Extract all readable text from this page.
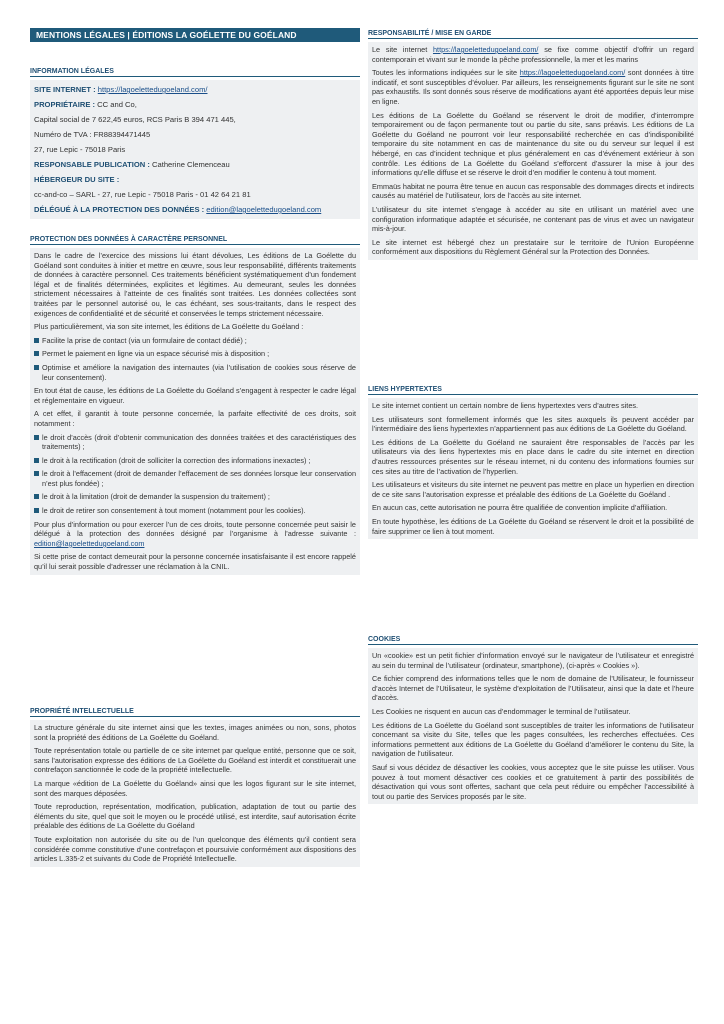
MENTIONS LÉGALES | ÉDITIONS LA GOÉLETTE DU GOÉLAND
INFORMATION LÉGALES
SITE INTERNET : https://lagoelettedugoeland.com/
PROPRIÉTAIRE : CC and Co,
Capital social de 7 622,45 euros, RCS Paris B 394 471 445,
Numéro de TVA : FR88394471445
27, rue Lepic - 75018 Paris
RESPONSABLE PUBLICATION : Catherine Clemenceau
HÉBERGEUR DU SITE :
cc-and-co – SARL - 27, rue Lepic - 75018 Paris - 01 42 64 21 81
DÉLÉGUÉ À LA PROTECTION DES DONNÉES : edition@lagoelettedugoeland.com
PROTECTION DES DONNÉES À CARACTÈRE PERSONNEL

Dans le cadre de l’exercice des missions lui étant dévolues, Les éditions de La Goélette du Goéland sont conduites à initier et mettre en œuvre, sous leur responsabilité, différents traitements de données à caractère personnel. Ces traitements bénéficient systématiquement d’un fondement légal et de finalités déterminées, explicites et légitimes. Au demeurant, seules les données strictement nécessaires à l’atteinte de ces finalités sont traitées. Les données collectées sont traitées par le personnel autorisé ou, le cas échéant, ses sous-traitants, dans le respect des exigences de confidentialité et de sécurité et conservées le temps strictement nécessaire.

Plus particulièrement, via son site internet, les éditions de La Goélette du Goéland :

Facilite la prise de contact (via un formulaire de contact dédié) ;
Permet le paiement en ligne via un espace sécurisé mis à disposition ;
Optimise et améliore la navigation des internautes (via l’utilisation de cookies sous réserve de leur consentement).

En tout état de cause, les éditions de La Goélette du Goéland s’engagent à respecter le cadre légal et réglementaire en vigueur.

A cet effet, il garantit à toute personne concernée, la parfaite effectivité de ces droits, soit notamment :

le droit d’accès (droit d’obtenir communication des données traitées et des caractéristiques des traitements) ;
le droit à la rectification (droit de solliciter la correction des informations inexactes) ;
le droit à l’effacement (droit de demander l’effacement de ses données lorsque leur conservation n’est plus fondée) ;
le droit à la limitation (droit de demander la suspension du traitement) ;
le droit de retirer son consentement à tout moment (notamment pour les cookies).

Pour plus d’information ou pour exercer l’un de ces droits, toute personne concernée peut saisir le délégué à la protection des données désigné par l’organisme à l’adresse suivante : edition@lagoelettedugoeland.com

Si cette prise de contact demeurait pour la personne concernée insatisfaisante il est encore rappelé qu’il lui serait possible d’adresser une réclamation à la CNIL.

PROPRIÉTÉ INTELLECTUELLE

La structure générale du site internet ainsi que les textes, images animées ou non, sons, photos sont la propriété des éditions de La Goélette du Goéland.

Toute représentation totale ou partielle de ce site internet par quelque entité, personne que ce soit, sans l’autorisation expresse des éditions de La Goélette du Goéland est interdit et constituerait une contrefaçon sanctionnée le code de la propriété intellectuelle.

La marque «édition de La Goélette du Goéland» ainsi que les logos figurant sur le site internet, sont des marques déposées.

Toute reproduction, représentation, modification, publication, adaptation de tout ou partie des éléments du site, quel que soit le moyen ou le procédé utilisé, est interdite, sauf autorisation écrite préalable des éditions de La Goélette du Goéland

Toute exploitation non autorisée du site ou de l’un quelconque des éléments qu’il contient sera considérée comme constitutive d’une contrefaçon et poursuivie conformément aux dispositions des articles L.335-2 et suivants du Code de Propriété Intellectuelle.

RESPONSABILITÉ / MISE EN GARDE

Le site internet https://lagoelettedugoeland.com/ se fixe comme objectif d’offrir un regard contemporain et vivant sur le monde la pêche professionnelle, la mer et les marins

Toutes les informations indiquées sur le site https://lagoelettedugoeland.com/ sont données à titre indicatif, et sont susceptibles d’évoluer. Par ailleurs, les renseignements figurant sur le site ne sont pas exhaustifs. Ils sont donnés sous réserve de modifications ayant été apportées depuis leur mise en ligne.

Les éditions de La Goélette du Goéland se réservent le droit de modifier, d’interrompre temporairement ou de façon permanente tout ou partie du site, sans préavis. Les éditions de La Goélette du Goéland ne pourront voir leur responsabilité recherchée en cas d’indisponibilité temporaire du site notamment en cas de maintenance du site ou du serveur sur lequel il est hébergé, en cas d’incident technique et plus généralement en cas d’événement extérieur à son contrôle. Les éditions de La Goélette du Goéland s’efforcent d’assurer la mise à jour des informations qu’elle diffuse et se réserve le droit d’en modifier le contenu à tout moment.

Emmaüs habitat ne pourra être tenue en aucun cas responsable des dommages directs et indirects causés au matériel de l’utilisateur, lors de l’accès au site internet.

L’utilisateur du site internet s’engage à accéder au site en utilisant un matériel avec une configuration informatique adaptée et sécurisée, ne contenant pas de virus et avec un navigateur mis-à-jour.

Le site internet est hébergé chez un prestataire sur le territoire de l’Union Européenne conformément aux dispositions du Règlement Général sur la Protection des Données.

LIENS HYPERTEXTES

Le site internet contient un certain nombre de liens hypertextes vers d’autres sites.

Les utilisateurs sont formellement informés que les sites auxquels ils peuvent accéder par l’intermédiaire des liens hypertextes n’appartiennent pas aux éditions de La Goélette du Goéland.

Les éditions de La Goélette du Goéland ne sauraient être responsables de l’accès par les utilisateurs via des liens hypertextes mis en place dans le cadre du site internet en direction d’autres ressources présentes sur le réseau internet, ni du contenu des informations fournies sur ces sites au titre de l’activation de l’hyperlien.

Les utilisateurs et visiteurs du site internet ne peuvent pas mettre en place un hyperlien en direction de ce site sans l’autorisation expresse et préalable des éditions de La Goélette du Goéland .

En aucun cas, cette autorisation ne pourra être qualifiée de convention implicite d’affiliation.

En toute hypothèse, les éditions de La Goélette du Goéland se réservent le droit et la possibilité de faire supprimer ce lien à tout moment.

COOKIES

Un «cookie» est un petit fichier d’information envoyé sur le navigateur de l’utilisateur et enregistré au sein du terminal de l’utilisateur (ordinateur, smartphone), (ci-après « Cookies »).

Ce fichier comprend des informations telles que le nom de domaine de l’Utilisateur, le fournisseur d’accès Internet de l’Utilisateur, le système d’exploitation de l’Utilisateur, ainsi que la date et l’heure d’accès.

Les Cookies ne risquent en aucun cas d’endommager le terminal de l’utilisateur.

Les éditions de La Goélette du Goéland sont susceptibles de traiter les informations de l’utilisateur concernant sa visite du Site, telles que les pages consultées, les recherches effectuées. Ces informations permettent aux éditions de La Goélette du Goéland d’améliorer le contenu du Site, la navigation de l’utilisateur.

Sauf si vous décidez de désactiver les cookies, vous acceptez que le site puisse les utiliser. Vous pouvez à tout moment désactiver ces cookies et ce gratuitement à partir des possibilités de désactivation qui vous sont offertes, sachant que cela peut réduire ou empêcher l’accessibilité à tout ou partie des Services proposés par le site.
